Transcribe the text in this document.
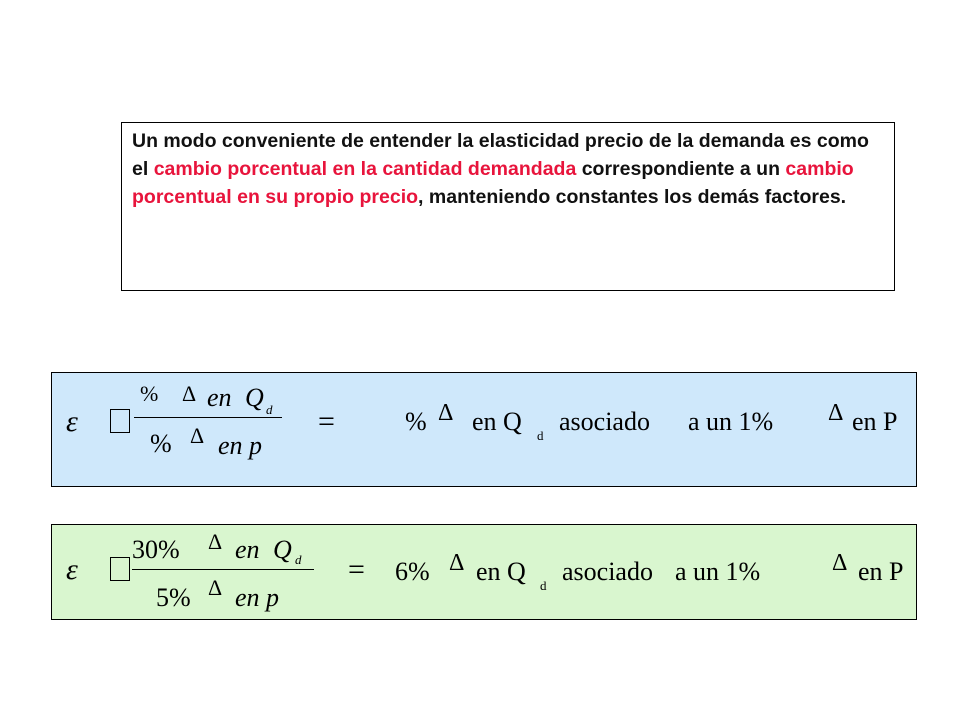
Un modo conveniente de entender la elasticidad precio de la demanda es como el cambio porcentual en la cantidad demandada correspondiente a un cambio porcentual en su propio precio, manteniendo constantes los demás factores.
ε
% Δ en Q d
% Δ en p
=	% Δ en Q d asociado a un 1% Δ en P
ε
30% Δ en Q d
5% Δ en p
= 6% Δ en Q d asociado a un 1%	Δ en P
